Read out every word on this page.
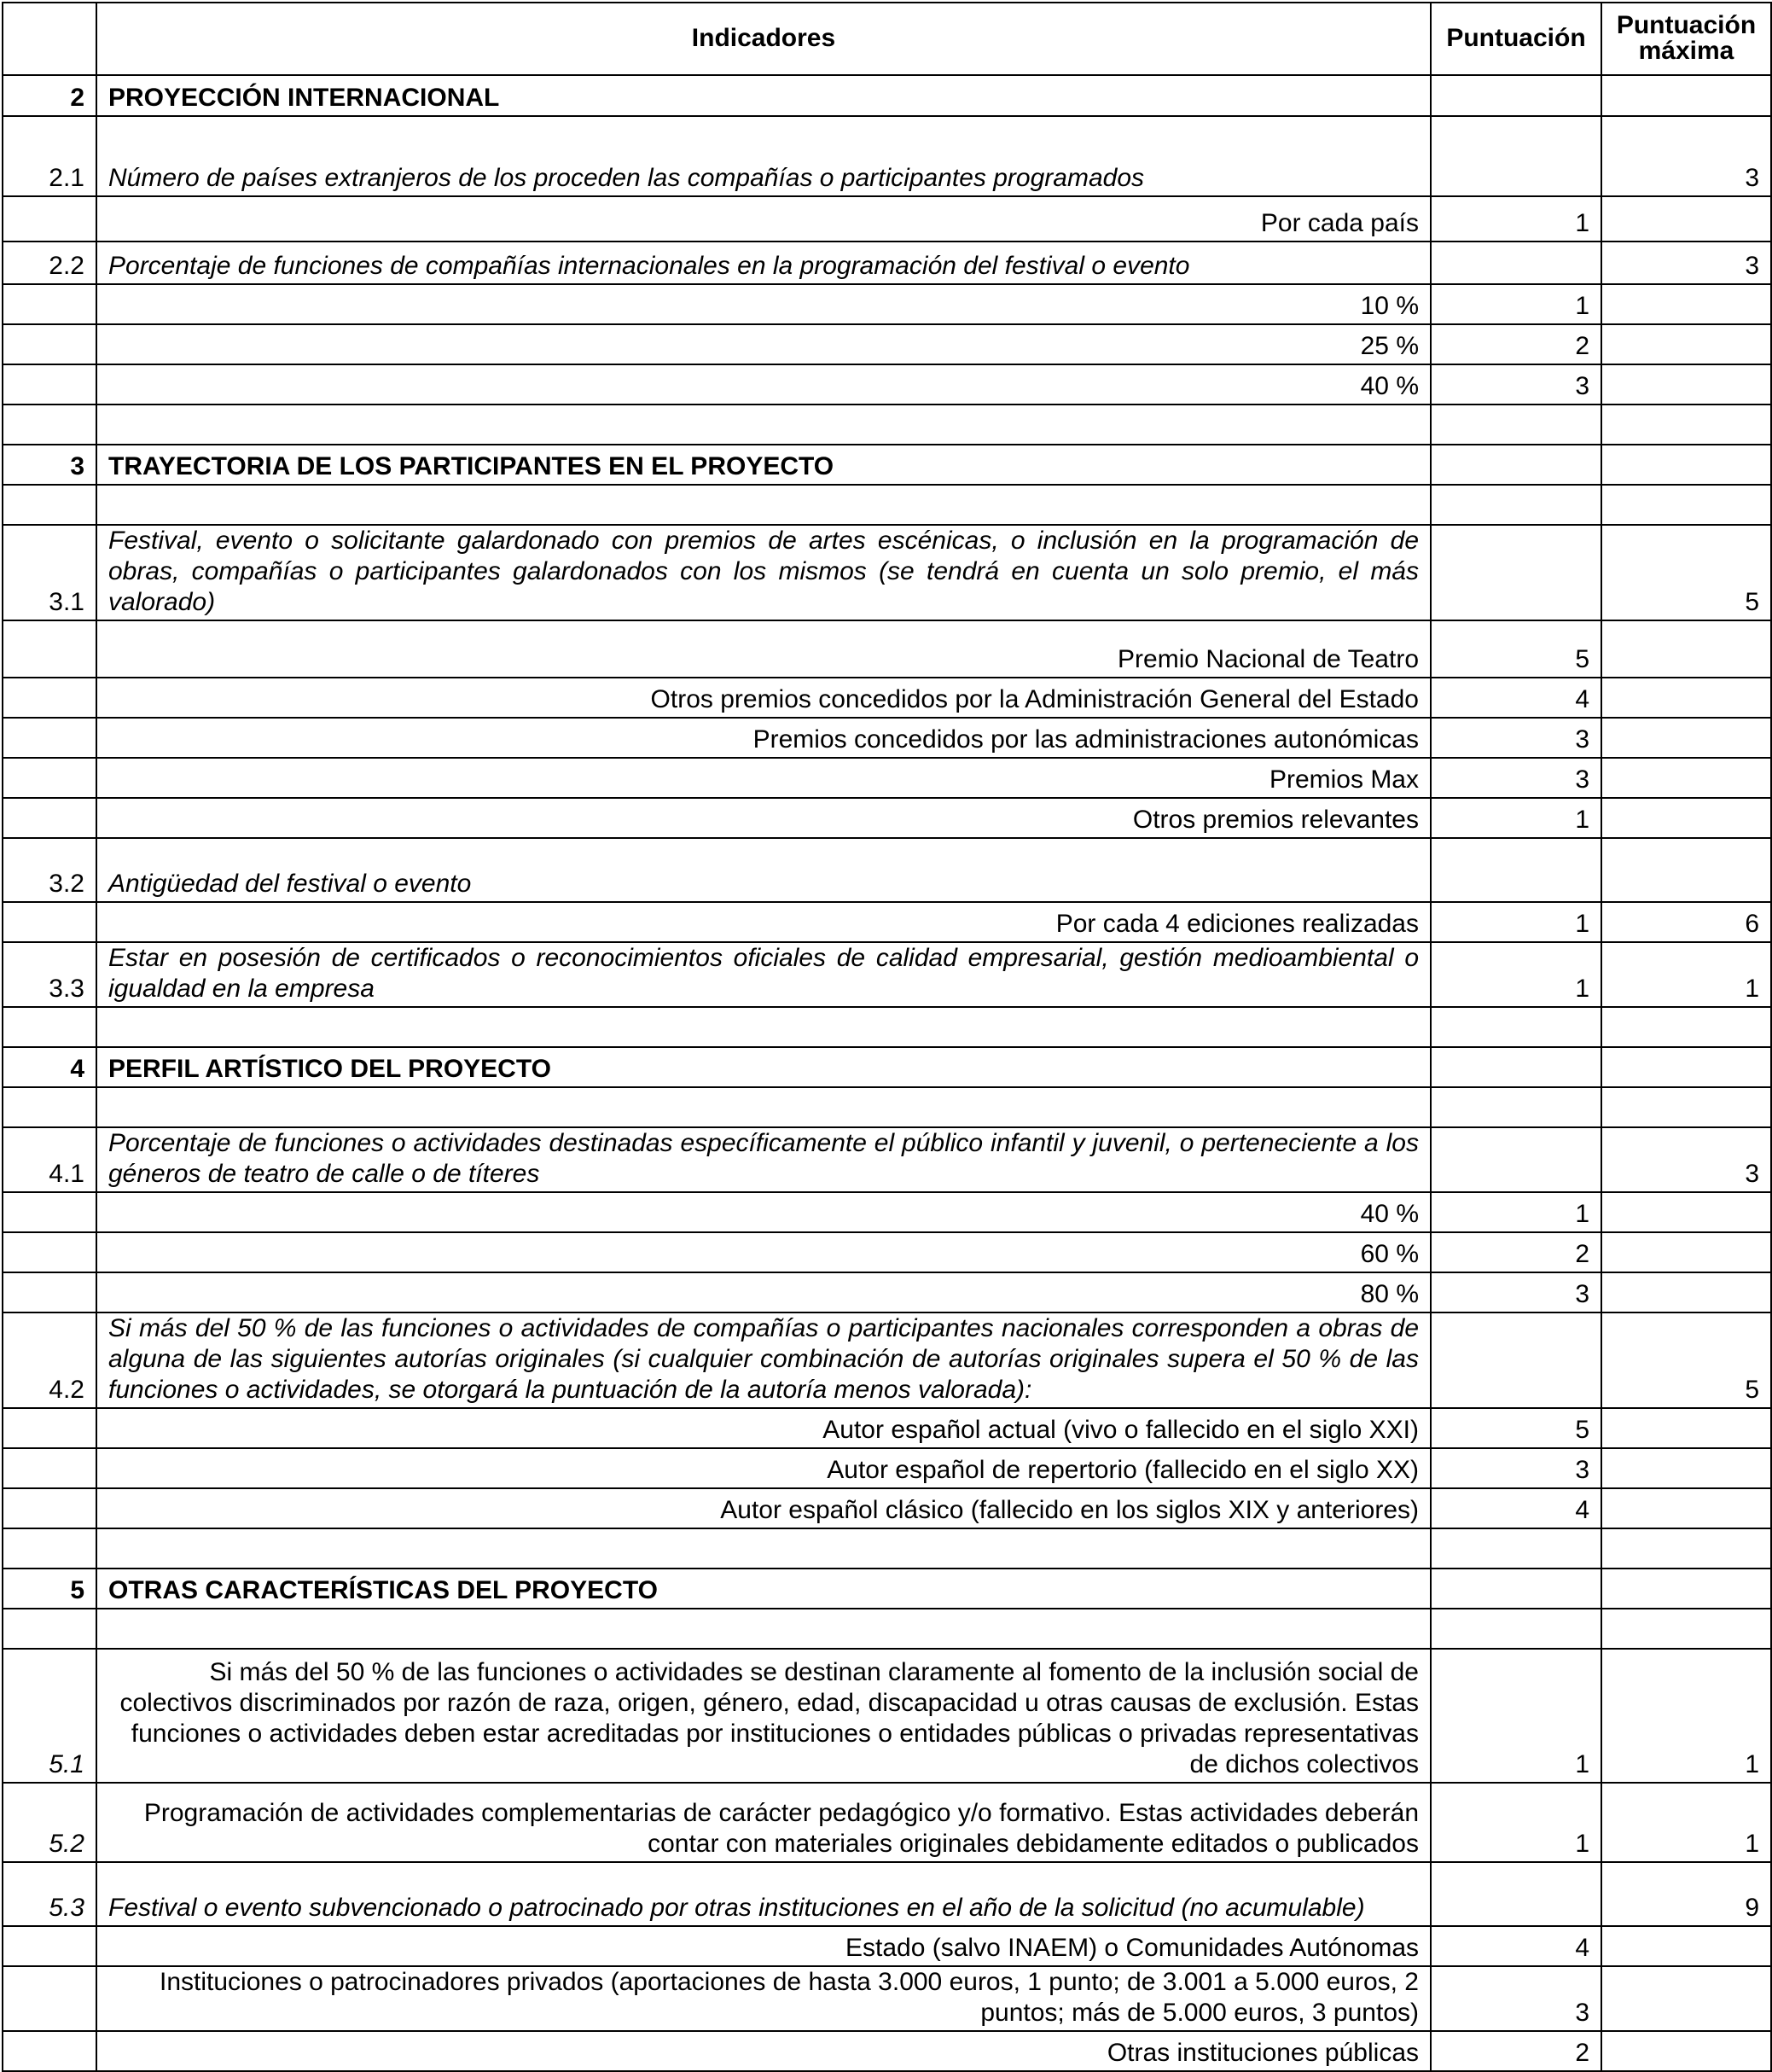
	Indicadores	Puntuación	Puntuación máxima
2	PROYECCIÓN INTERNACIONAL		
2.1	Número de países extranjeros de los proceden las compañías o participantes programados		3
	Por cada país	1	
2.2	Porcentaje de funciones de compañías internacionales en la programación del festival o evento		3
	10 %	1	
	25 %	2	
	40 %	3	

3	TRAYECTORIA DE LOS PARTICIPANTES EN EL PROYECTO		

3.1	Festival, evento o solicitante galardonado con premios de artes escénicas, o inclusión en la programación de obras, compañías o participantes galardonados con los mismos (se tendrá en cuenta un solo premio, el más valorado)		5
	Premio Nacional de Teatro	5	
	Otros premios concedidos por la Administración General del Estado	4	
	Premios concedidos por las administraciones autonómicas	3	
	Premios Max	3	
	Otros premios relevantes	1	
3.2	Antigüedad del festival o evento		
	Por cada 4 ediciones realizadas	1	6
3.3	Estar en posesión de certificados o reconocimientos oficiales de calidad empresarial, gestión medioambiental o igualdad en la empresa	1	1

4	PERFIL ARTÍSTICO DEL PROYECTO		

4.1	Porcentaje de funciones o actividades destinadas específicamente el público infantil y juvenil, o perteneciente a los géneros de teatro de calle o de títeres		3
	40 %	1	
	60 %	2	
	80 %	3	
4.2	Si más del 50 % de las funciones o actividades de compañías o participantes nacionales corresponden a obras de alguna de las siguientes autorías originales (si cualquier combinación de autorías originales supera el 50 % de las funciones o actividades, se otorgará la puntuación de la autoría menos valorada):		5
	Autor español actual (vivo o fallecido en el siglo XXI)	5	
	Autor español de repertorio (fallecido en el siglo XX)	3	
	Autor español clásico (fallecido en los siglos XIX y anteriores)	4	

5	OTRAS CARACTERÍSTICAS DEL PROYECTO		

5.1	Si más del 50 % de las funciones o actividades se destinan claramente al fomento de la inclusión social de colectivos discriminados por razón de raza, origen, género, edad, discapacidad u otras causas de exclusión. Estas funciones o actividades deben estar acreditadas por instituciones o entidades públicas o privadas representativas de dichos colectivos	1	1
5.2	Programación de actividades complementarias de carácter pedagógico y/o formativo. Estas actividades deberán contar con materiales originales debidamente editados o publicados	1	1
5.3	Festival o evento subvencionado o patrocinado por otras instituciones en el año de la solicitud (no acumulable)		9
	Estado (salvo INAEM) o Comunidades Autónomas	4	
	Instituciones o patrocinadores privados (aportaciones de hasta 3.000 euros, 1 punto; de 3.001 a 5.000 euros, 2 puntos; más de 5.000 euros, 3 puntos)	3	
	Otras instituciones públicas	2	
